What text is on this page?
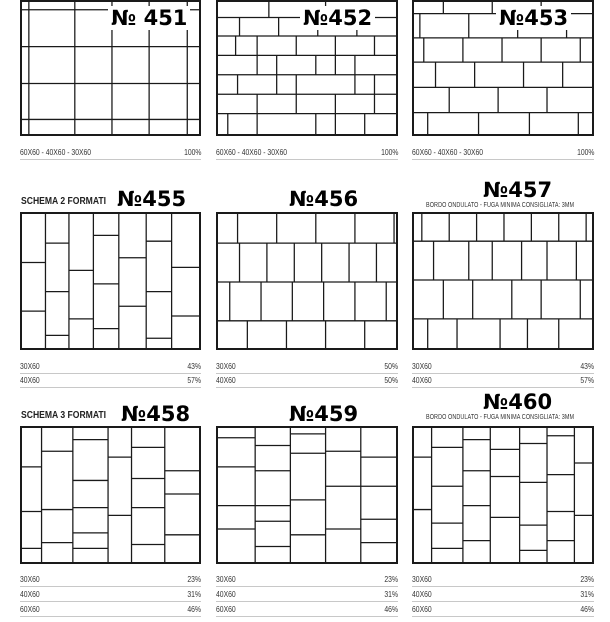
№ 451	№452	№453
60X60 - 40X60 - 30X60	100% 60X60 - 40X60 - 30X60	100% 60X60 - 40X60 - 30X60	100%
SCHEMA 2 FORMATI №455	№456	BORDO ONDULATO - FUGA MINIMA CONSIGLIATA: 3MM
№457
30X60	43%
40X60	57%
30X60	50%
40X60	50%
30X60	43%
40X60	57%
SCHEMA 3 FORMATI №458	№459	BORDO ONDULATO - FUGA MINIMA CONSIGLIATA: 3MM
№460
30X60	23%
40X60	31%
60X60	46%
30X60	23%
40X60	31%
60X60	46%
30X60	23%
40X60	31%
60X60	46%
